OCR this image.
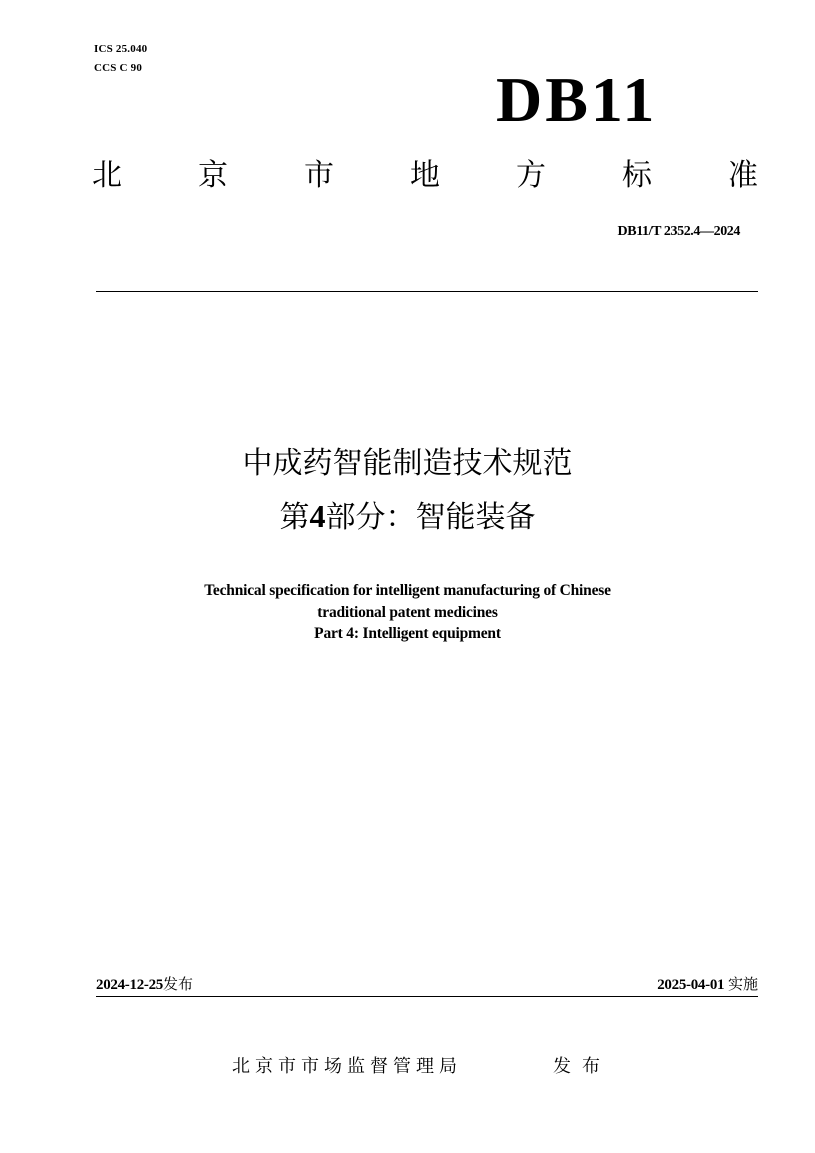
ICS 25.040
CCS C 90	DB11
北	京	市	地	方	标	准
DB11/T 2352.4—2024
中成药智能制造技术规范
第4部分：智能装备
Technical specification for intelligent manufacturing of Chinese
traditional patent medicines
Part 4: Intelligent equipment
2024-12-25发布	2025-04-01 实施
北京市市场监督管理局	发布
